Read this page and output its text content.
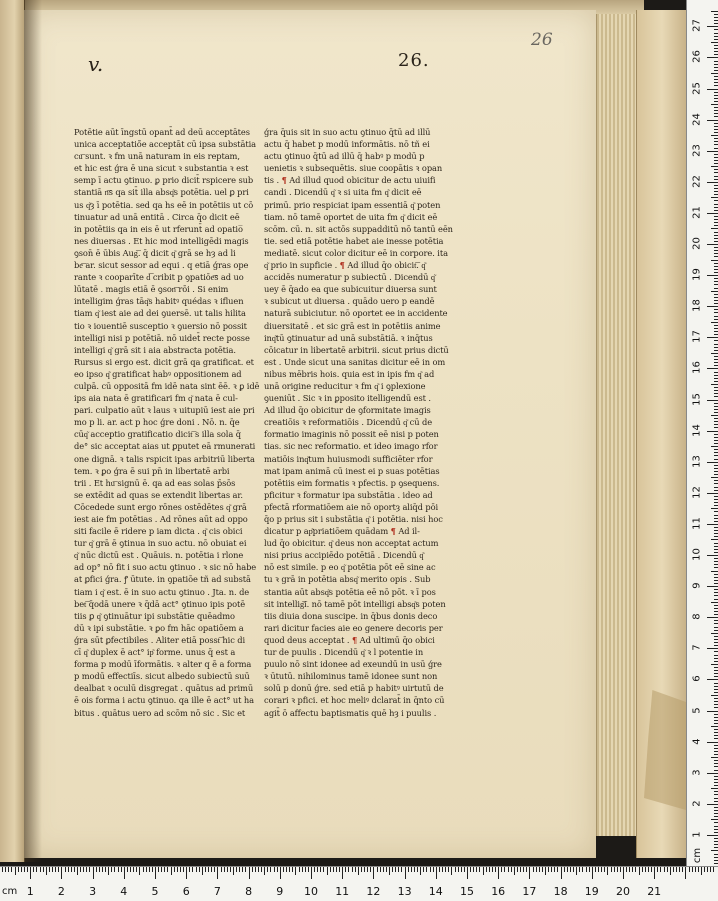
v.	26.
26
Potētie aūt īngstū opant̄ ad deū acceptātes
unica acceptatiō̄e acceptāt cū ipsa substātia
cu͞ sunt. ꝛ fm unā naturam in eis reptam,
et hic est ǵra ē una sicut ꝛ substantia ꝛ est
semp ī actu ꝯtinuo. ꝑ prio dicit̄ rspicere sub
stantiā n͞s qa sit̄ illa absq͂s potētia. uel ꝑ pri
us q͂ȝ ī potētia. sed qa hs eē in potētiis ut cō
tinuatur ad unā entitā . Circa q̄o dicit eē
in potētiis qa in eis ē ut rferunt̄ ad opatio̅
nes diuersas . Et hic mod intelligēdi magis
ꝯson̄ ē ūbis Aug͞. q̄ dicit q͂ grā se hȝ ad li
be͞ ar. sicut sessor ad equi . q etiā ǵras ope
rante ꝛ cooparīte d͞ cribit p ꝯpatiōe͞s ad uo
lūtatē . magis etiā ē ꝯson͞ rōi . Si enim
intelligim ǵras tāq͂s habitꝰ quédas ꝛ ifluen
tiam q͂ iest aie ad dei ꝯuersē. ut talis hilita
tio ꝛ iouentiē susceptio ꝛ ꝯuersio nō possit
intelligi nisi p potētiā. nō uidet̄ recte posse
intelligi q͂ grā sit i aia abstracta potētia.
Rursus si ergo est. dicit grā qa gratificat. et
eo ipso q͂ gratificat habꝰ oppositionem ad
culpā. cū oppositā fm idē nata sint ēē. ꝛ ꝑ idē
ips aia nata ē gratificari fm q͂ nata ē cul-
pari. culpatio aūt ꝛ laus ꝛ uitupiū iest aie pri
mo p li. ar. act p hoc ǵre doni . Nō. n. q̄e
cūq͂ acceptio gratificatio dicit͞ s illa sola q̄
de° sic acceptat aias ut ꝑputet eā rmunerati
one dignā. ꝛ talis rspicit ipas arbitriū liberta
tem. ꝛ ꝑo ǵra ē sui pn̄ in libertatē arbi
trii . Et hu͞ signū ē. qa ad eas solas p̄sōs
se extēdit ad quas se extendit libertas ar.
Cōcedede sunt ergo rōnes ostēdētes q͂ grā
iest aie fm potētias . Ad rōnes aūt ad oppo
siti facile ē ridere p iam dicta . q͂ cis obici
tur q͂ grā ē ꝯtinua in suo actu. nō obuiat ei
q͂ nūc dictū est . Quāuis. n. potētia i rlone
ad op° nō fit i suo actu ꝯtinuo . ꝛ sic nō habe
at ꝑfici ǵra. ꝭ ūtute. in ꝯpatiōe tñ ad substā
tiam i q͂ est. ē in suo actu ꝯtinuo . Jta. n. de
bet͞ q̄odā unere ꝛ q̄dā act° ꝯtinuo ipis potē
tiis ꝑ q͂ ꝯtinuātur ipi substātie quēadmo
dū ꝛ ipi substātie. ꝛ ꝑo fm hāc opatiōem a
ǵra sūt ꝑfectibiles . Aliter etiā posst͞ hic di
cī q͂ duplex ē act° ip͂ forme. unus q̄ est a
forma p modū īformātis. ꝛ alter q ē a forma
p modū effectiīs. sicut albedo subiectū suū
dealbat ꝛ oculū disgregat . quātus ad primū
ē ois forma i actu ꝯtinuo. qa ille ē act° ut ha
bitus . quātus uero ad scōm nō sic . Sic et
ǵra q̄uis sit in suo actu ꝯtinuo q̄tū ad illū
actu q̄ habet p modū informātis. nō tñ ei
actu ꝯtinuo q̄tū ad illū q̄ habꝰ p modū p
uenietis ꝛ subsequētis. siue coopātis ꝛ opan
tis . ¶ Ad illud quod obicitur de actu uiuifi
candi . Dicendū q͂ ꝛ si uita fm q͂ dicit eē
primū. prio respiciat ipam essentiā q͂ poten
tiam. nō tamē oportet de uita fm q͂ dicit eē
scōm. cū. n. sit actōs suppadditū nō tantū eēn
tie. sed etiā potētie habet aie inesse potētia
mediatē. sicut color dicitur eē in corpore. ita
q͂ prio in supficie . ¶ Ad illud q̄o obicit͞. q͂
accidēs numeratur p subiectū . Dicendū q͂
uey ē q̄ado ea que subicuitur diuersa sunt
ꝛ subicut ut diuersa . quādo uero p eandē
naturā subiciutur. nō oportet ee in accidente
diuersitatē . et sic grā est in potētiis anime
inq͂tū ꝯtinuatur ad unā substātiā. ꝛ inq̄tus
cōicatur in libertatē arbitrii. sicut prius dictū
est . Unde sicut una sanitas dicitur eē in om
nibus mēbris hois. quia est in ipis fm q͂ ad
unā origine reducitur ꝛ fm q͂ i ꝯplexione
ꝯueniūt . Sic ꝛ in ꝑposito itelligendū est .
Ad illud q̄o obicitur de ꝯformitate imagis
creatiōis ꝛ reformatiōis . Dicendū q͂ cū de
formatio imaginis nō possit eē nisi p poten
tias. sic nec reformatio. et ideo imago rfor
matiōis inq͂tum huiusmodi sufficiēter rfor
mat ipam animā cū inest ei p suas potētias
potētiis eim formatis ꝛ pfectis. p ꝯsequens.
pficitur ꝛ formatur ipa substātia . ideo ad
pfectā rformatiōem aie nō oportȝ aliq̄d pōi
q̄o p prius sit i substātia q͂ i potētia. nisi hoc
dicatur p ap͂priatiōem quādam ¶ Ad il-
lud q̄o obicitur. q͂ deus non acceptat actum
nisi prius accipiēdo potētiā . Dicendū q͂
nō est simile. p eo q͂ potētia pōt eē sine ac
tu ꝛ grā in potētia absq͂ merito opis . Sub
stantia aūt absq͂s potētia eē nō pōt. ꝛ ī pos
sit intellig͞i. nō tamē pōt intelligi absq͂s poten
tiis diuia dona suscipe. in q̄bus donis deco
rari dicitur facies aie eo genere decoris per
quod deus acceptat . ¶ Ad ultimū q̄o obici
tur de puulis . Dicendū q͂ ꝛ l potentie in
puulo nō sint idonee ad exeundū in usū ǵre
ꝛ ūtutū. nihilominus tamē idonee sunt non
solū p donū ǵre. sed etiā p habitꝰ uirtutū de
corari ꝛ pfici. et hoc meliꝰ dclarat̄ in q̄nto cū
agit̄ ō affectu baptismatis quē hȝ i puulis .
1
2
3
4
5
6
7
8
9
10
11
12
13
14
15
16
17
18
19
20
21
22
23
24
25
26
27
cm
1	2	3	4	5	6	7	8	9	10 11 12 13 14 15 16 17 18 19 20 21
cm
